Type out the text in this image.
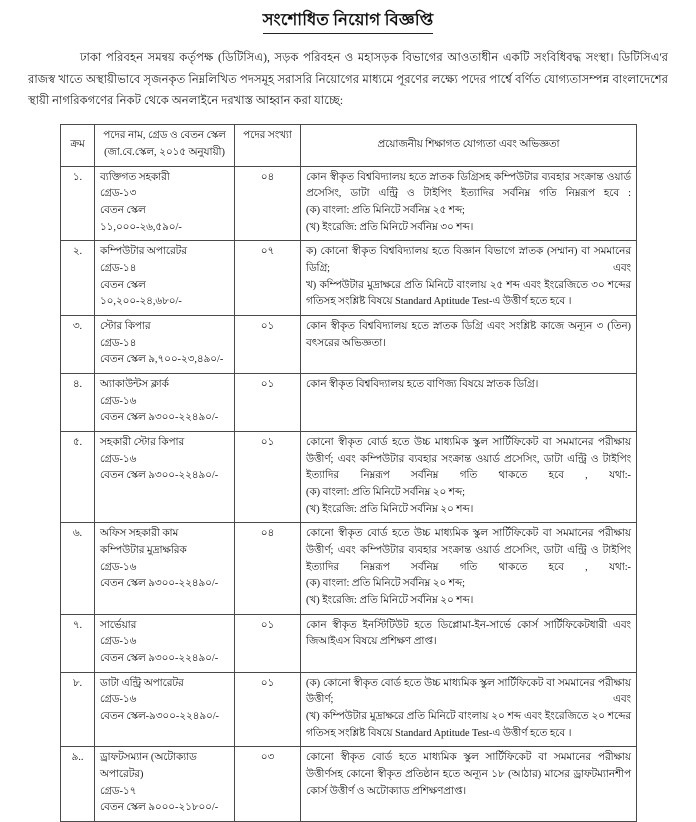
সংশোধিত নিয়োগ বিজ্ঞপ্তি

ঢাকা পরিবহন সমন্বয় কর্তৃপক্ষ (ডিটিসিএ), সড়ক পরিবহন ও মহাসড়ক বিভাগের আওতাধীন একটি সংবিধিবদ্ধ সংস্থা। ডিটিসিএ'র রাজস্ব খাতে অস্থায়ীভাবে সৃজনকৃত নিম্নলিখিত পদসমূহ সরাসরি নিয়োগের মাধ্যমে পূরণের লক্ষ্যে পদের পার্শ্বে বর্ণিত যোগ্যতাসম্পন্ন বাংলাদেশের স্থায়ী নাগরিকগণের নিকট থেকে অনলাইনে দরখাস্ত আহ্বান করা যাচ্ছে:

ক্রম	পদের নাম, গ্রেড ও বেতন স্কেল (জা.বে.স্কেল, ২০১৫ অনুযায়ী)	পদের সংখ্যা	প্রয়োজনীয় শিক্ষাগত যোগ্যতা এবং অভিজ্ঞতা
১.	ব্যক্তিগত সহকারী
গ্রেড-১৩
বেতন স্কেল ১১,০০০-২৬,৫৯০/-
	০৪	কোন স্বীকৃত বিশ্ববিদ্যালয় হতে স্নাতক ডিগ্রিসহ কম্পিউটার ব্যবহার সংক্রান্ত ওয়ার্ড প্রসেসিং, ডাটা এন্ট্রি ও টাইপিং ইত্যাদির সর্বনিম্ন গতি নিম্নরূপ হবে :
(ক) বাংলা: প্রতি মিনিটে সর্বনিম্ন ২৫ শব্দ;
(খ) ইংরেজি: প্রতি মিনিটে সর্বনিম্ন ৩০ শব্দ।

২.	কম্পিউটার অপারেটর
গ্রেড-১৪
বেতন স্কেল ১০,২০০-২৪,৬৮০/-
	০৭	ক) কোনো স্বীকৃত বিশ্ববিদ্যালয় হতে বিজ্ঞান বিভাগে স্নাতক (সম্মান) বা সমমানের ডিগ্রি; এবং
খ) কম্পিউটার মুদ্রাক্ষরে প্রতি মিনিটে বাংলায় ২৫ শব্দ এবং ইংরেজিতে ৩০ শব্দের গতিসহ সংশ্লিষ্ট বিষয়ে Standard Aptitude Test-এ উত্তীর্ণ হতে হবে ।

৩.	স্টোর কিপার
গ্রেড-১৪
বেতন স্কেল ৯,৭০০-২৩,৪৯০/-	০১	কোন স্বীকৃত বিশ্ববিদ্যালয় হতে স্নাতক ডিগ্রি এবং সংশ্লিষ্ট কাজে অন্যূন ৩ (তিন) বৎসরের অভিজ্ঞতা।

৪.	অ্যাকাউন্টস ক্লার্ক
গ্রেড-১৬
বেতন স্কেল ৯৩০০-২২৪৯০/-	০১	কোন স্বীকৃত বিশ্ববিদ্যালয় হতে বাণিজ্য বিষয়ে স্নাতক ডিগ্রি।

৫.	সহকারী স্টোর কিপার
গ্রেড-১৬
বেতন স্কেল ৯৩০০-২২৪৯০/-
	০১	কোনো স্বীকৃত বোর্ড হতে উচ্চ মাধ্যমিক স্কুল সার্টিফিকেট বা সমমানের পরীক্ষায় উত্তীর্ণ; এবং কম্পিউটার ব্যবহার সংক্রান্ত ওয়ার্ড প্রসেসিং, ডাটা এন্ট্রি ও টাইপিং ইত্যাদির নিম্নরূপ সর্বনিম্ন গতি থাকতে হবে , যথা:-
(ক) বাংলা: প্রতি মিনিটে সর্বনিম্ন ২০ শব্দ;
(খ) ইংরেজি: প্রতি মিনিটে সর্বনিম্ন ২০ শব্দ।

৬.	অফিস সহকারী কাম
কম্পিউটার মুদ্রাক্ষরিক
গ্রেড-১৬
বেতন স্কেল ৯৩০০-২২৪৯০/-
	০৪	কোনো স্বীকৃত বোর্ড হতে উচ্চ মাধ্যমিক স্কুল সার্টিফিকেট বা সমমানের পরীক্ষায় উত্তীর্ণ; এবং কম্পিউটার ব্যবহার সংক্রান্ত ওয়ার্ড প্রসেসিং, ডাটা এন্ট্রি ও টাইপিং ইত্যাদির নিম্নরূপ সর্বনিম্ন গতি থাকতে হবে , যথা:-
(ক) বাংলা: প্রতি মিনিটে সর্বনিম্ন ২০ শব্দ;
(খ) ইংরেজি: প্রতি মিনিটে সর্বনিম্ন ২০ শব্দ।

৭.	সার্ভেয়ার
গ্রেড-১৬
বেতন স্কেল ৯৩০০-২২৪৯০/-	০১	কোন স্বীকৃত ইনস্টিটিউট হতে ডিপ্লোমা-ইন-সার্ভে কোর্স সার্টিফিকেটধারী এবং জিআইএস বিষয়ে প্রশিক্ষণ প্রাপ্ত।

৮.	ডাটা এন্ট্রি অপারেটর
গ্রেড-১৬
বেতন স্কেল-৯৩০০-২২৪৯০/-
	০১	(ক) কোনো স্বীকৃত বোর্ড হতে উচ্চ মাধ্যমিক স্কুল সার্টিফিকেট বা সমমানের পরীক্ষায় উত্তীর্ণ; এবং
(খ) কম্পিউটার মুদ্রাক্ষরে প্রতি মিনিটে বাংলায় ২০ শব্দ এবং ইংরেজিতে ২০ শব্দের গতিসহ সংশ্লিষ্ট বিষয়ে Standard Aptitude Test-এ উত্তীর্ণ হতে হবে ।

৯..	ড্রাফটসম্যান (অটোক্যাড অপারেটর)
গ্রেড-১৭
বেতন স্কেল ৯০০০-২১৮০০/-	০৩	কোনো স্বীকৃত বোর্ড হতে মাধ্যমিক স্কুল সার্টিফিকেট বা সমমানের পরীক্ষায় উত্তীর্ণসহ কোনো স্বীকৃত প্রতিষ্ঠান হতে অন্যূন ১৮ (আঠার) মাসের ড্রাফটম্যানশীপ কোর্স উত্তীর্ণ ও অটোক্যাড প্রশিক্ষণপ্রাপ্ত।
